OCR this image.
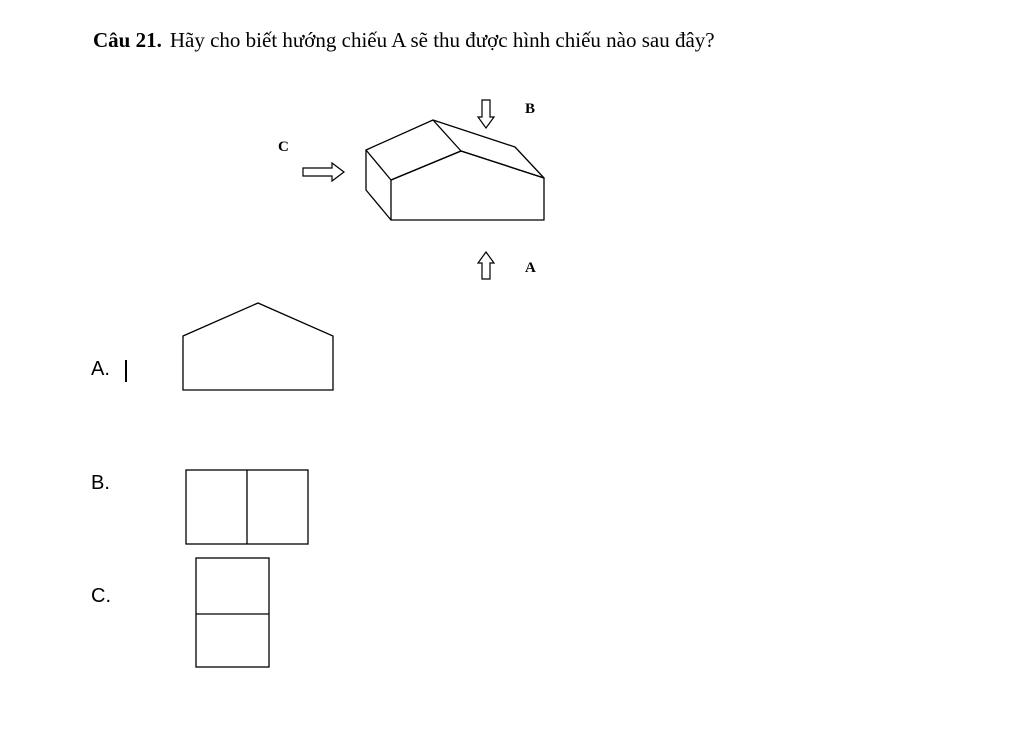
Câu 21. Hãy cho biết hướng chiếu A sẽ thu được hình chiếu nào sau đây?
B
C
A
A.
B.
C.
